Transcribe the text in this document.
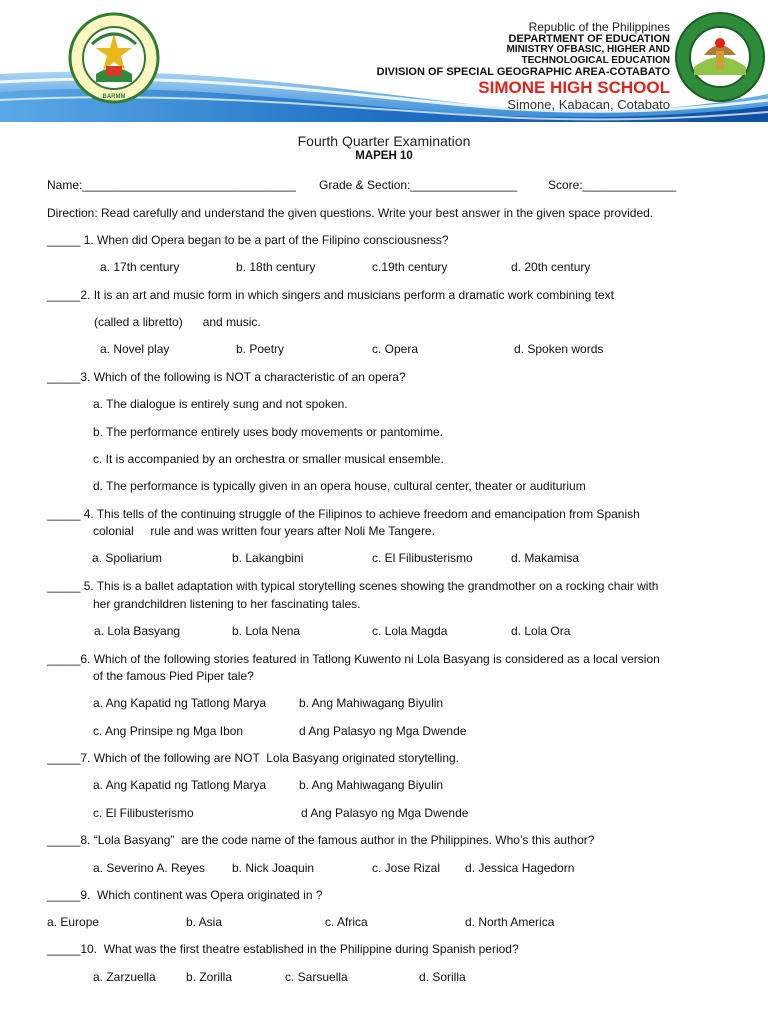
BARMM
Republic of the Philippines
DEPARTMENT OF EDUCATION
MINISTRY OFBASIC, HIGHER AND
TECHNOLOGICAL EDUCATION
DIVISION OF SPECIAL GEOGRAPHIC AREA-COTABATO
SIMONE HIGH SCHOOL
Simone, Kabacan, Cotabato
Fourth Quarter Examination
MAPEH 10
Name:________________________________ Grade & Section:________________	Score:______________
Direction: Read carefully and understand the given questions. Write your best answer in the given space provided.
_____ 1. When did Opera began to be a part of the Filipino consciousness?
a. 17th century	b. 18th century	c.19th century	d. 20th century
_____2. It is an art and music form in which singers and musicians perform a dramatic work combining text
(called a libretto)      and music.
a. Novel play	b. Poetry	c. Opera	d. Spoken words
_____3. Which of the following is NOT a characteristic of an opera?
a. The dialogue is entirely sung and not spoken.
b. The performance entirely uses body movements or pantomime.
c. It is accompanied by an orchestra or smaller musical ensemble.
d. The performance is typically given in an opera house, cultural center, theater or auditurium
_____ 4. This tells of the continuing struggle of the Filipinos to achieve freedom and emancipation from Spanish
colonial     rule and was written four years after Noli Me Tangere.
a. Spoliarium	b. Lakangbini	c. El Filibusterismo	d. Makamisa
_____ 5. This is a ballet adaptation with typical storytelling scenes showing the grandmother on a rocking chair with
her grandchildren listening to her fascinating tales.
a. Lola Basyang	b. Lola Nena	c. Lola Magda	d. Lola Ora
_____6. Which of the following stories featured in Tatlong Kuwento ni Lola Basyang is considered as a local version
of the famous Pied Piper tale?
a. Ang Kapatid ng Tatlong Marya	b. Ang Mahiwagang Biyulin
c. Ang Prinsipe ng Mga Ibon	d Ang Palasyo ng Mga Dwende
_____7. Which of the following are NOT  Lola Basyang originated storytelling.
a. Ang Kapatid ng Tatlong Marya	b. Ang Mahiwagang Biyulin
c. El Filibusterismo	d Ang Palasyo ng Mga Dwende
_____8. “Lola Basyang”  are the code name of the famous author in the Philippines. Who’s this author?
a. Severino A. Reyes b. Nick Joaquin	c. Jose Rizal d. Jessica Hagedorn
_____9.  Which continent was Opera originated in ?
a. Europe	b. Asia	c. Africa	d. North America
_____10.  What was the first theatre established in the Philippine during Spanish period?
a. Zarzuella	b. Zorilla	c. Sarsuella	d. Sorilla
